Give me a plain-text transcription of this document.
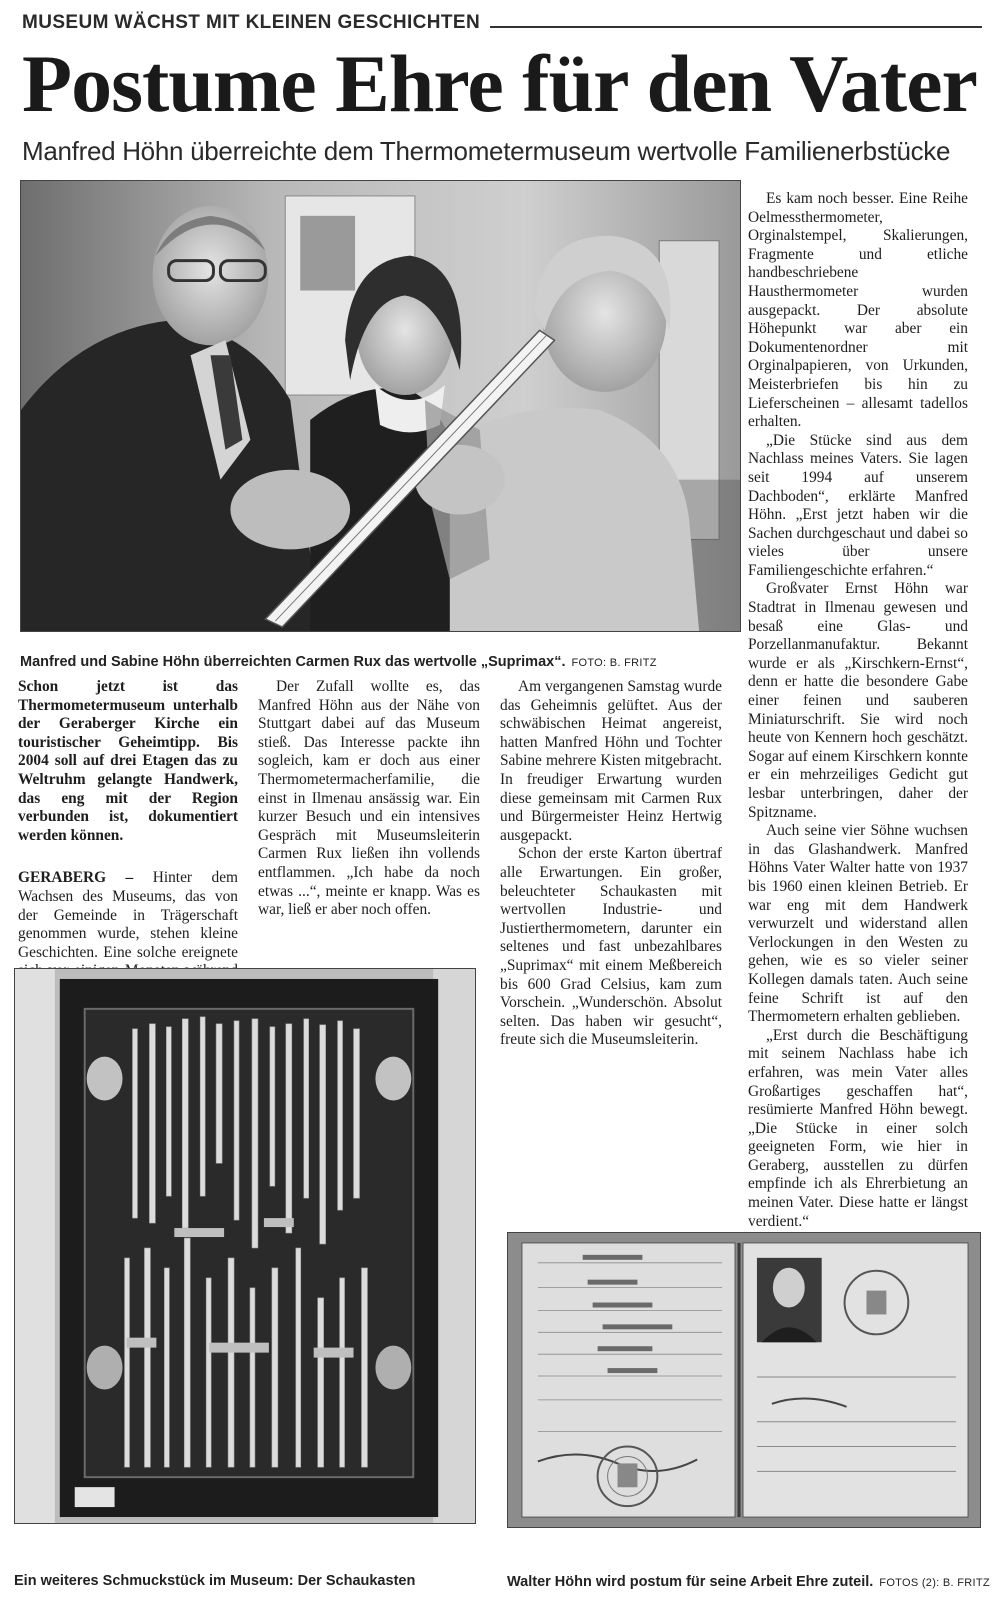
MUSEUM WÄCHST MIT KLEINEN GESCHICHTEN
Postume Ehre für den Vater
Manfred Höhn überreichte dem Thermometermuseum wertvolle Familienerbstücke
Manfred und Sabine Höhn überreichten Carmen Rux das wertvolle „Suprimax“. FOTO: B. FRITZ

Es kam noch besser. Eine Reihe Oelmessthermometer, Orginalstempel, Skalierungen, Fragmente und etliche handbeschriebene Hausthermometer wurden ausgepackt. Der absolute Höhepunkt war aber ein Dokumentenordner mit Orginalpapieren, von Urkunden, Meisterbriefen bis hin zu Lieferscheinen – allesamt tadellos erhalten.

„Die Stücke sind aus dem Nachlass meines Vaters. Sie lagen seit 1994 auf unserem Dachboden“, erklärte Manfred Höhn. „Erst jetzt haben wir die Sachen durchgeschaut und dabei so vieles über unsere Familiengeschichte erfahren.“

Großvater Ernst Höhn war Stadtrat in Ilmenau gewesen und besaß eine Glas- und Porzellanmanufaktur. Bekannt wurde er als „Kirschkern-Ernst“, denn er hatte die besondere Gabe einer feinen und sauberen Miniaturschrift. Sie wird noch heute von Kennern hoch geschätzt. Sogar auf einem Kirschkern konnte er ein mehrzeiliges Gedicht gut lesbar unterbringen, daher der Spitzname.

Auch seine vier Söhne wuchsen in das Glashandwerk. Manfred Höhns Vater Walter hatte von 1937 bis 1960 einen kleinen Betrieb. Er war eng mit dem Handwerk verwurzelt und widerstand allen Verlockungen in den Westen zu gehen, wie es so vieler seiner Kollegen damals taten. Auch seine feine Schrift ist auf den Thermometern erhalten geblieben.

„Erst durch die Beschäftigung mit seinem Nachlass habe ich erfahren, was mein Vater alles Großartiges geschaffen hat“, resümierte Manfred Höhn bewegt. „Die Stücke in einer solch geeigneten Form, wie hier in Geraberg, ausstellen zu dürfen empfinde ich als Ehrerbietung an meinen Vater. Diese hatte er längst verdient.“

Schon jetzt ist das Thermometermuseum unterhalb der Geraberger Kirche ein touristischer Geheimtipp. Bis 2004 soll auf drei Etagen das zu Weltruhm gelangte Handwerk, das eng mit der Region verbunden ist, dokumentiert werden können.

GERABERG – Hinter dem Wachsen des Museums, das von der Gemeinde in Trägerschaft genommen wurde, stehen kleine Geschichten. Eine solche ereignete

Der Zufall wollte es, das Manfred Höhn aus der Nähe von Stuttgart dabei auf das Museum stieß. Das Interesse packte ihn sogleich, kam er doch aus einer Thermometermacherfamilie, die einst in Ilmenau ansässig war. Ein kurzer Besuch und ein intensives Gespräch mit Museumsleiterin Carmen Rux ließen ihn vollends entflammen. „Ich habe da noch etwas ...“, meinte er knapp. Was es war, ließ er aber noch offen.

Am vergangenen Samstag wurde das Geheimnis gelüftet. Aus der schwäbischen Heimat angereist, hatten Manfred Höhn und Tochter Sabine mehrere Kisten mitgebracht. In freudiger Erwartung wurden diese gemeinsam mit Carmen Rux und Bürgermeister Heinz Hertwig ausgepackt.

Schon der erste Karton übertraf alle Erwartungen. Ein großer, beleuchteter Schaukasten mit wertvollen Industrie- und Justierthermometern, darunter ein seltenes und fast unbezahlbares „Suprimax“ mit einem Meßbereich bis 600 Grad Celsius, kam zum Vorschein. „Wunderschön. Absolut selten. Das haben wir gesucht“, freute sich die Museumsleiterin.

Ein weiteres Schmuckstück im Museum: Der Schaukasten	Walter Höhn wird postum für seine Arbeit Ehre zuteil. FOTOS (2): B. FRITZ
